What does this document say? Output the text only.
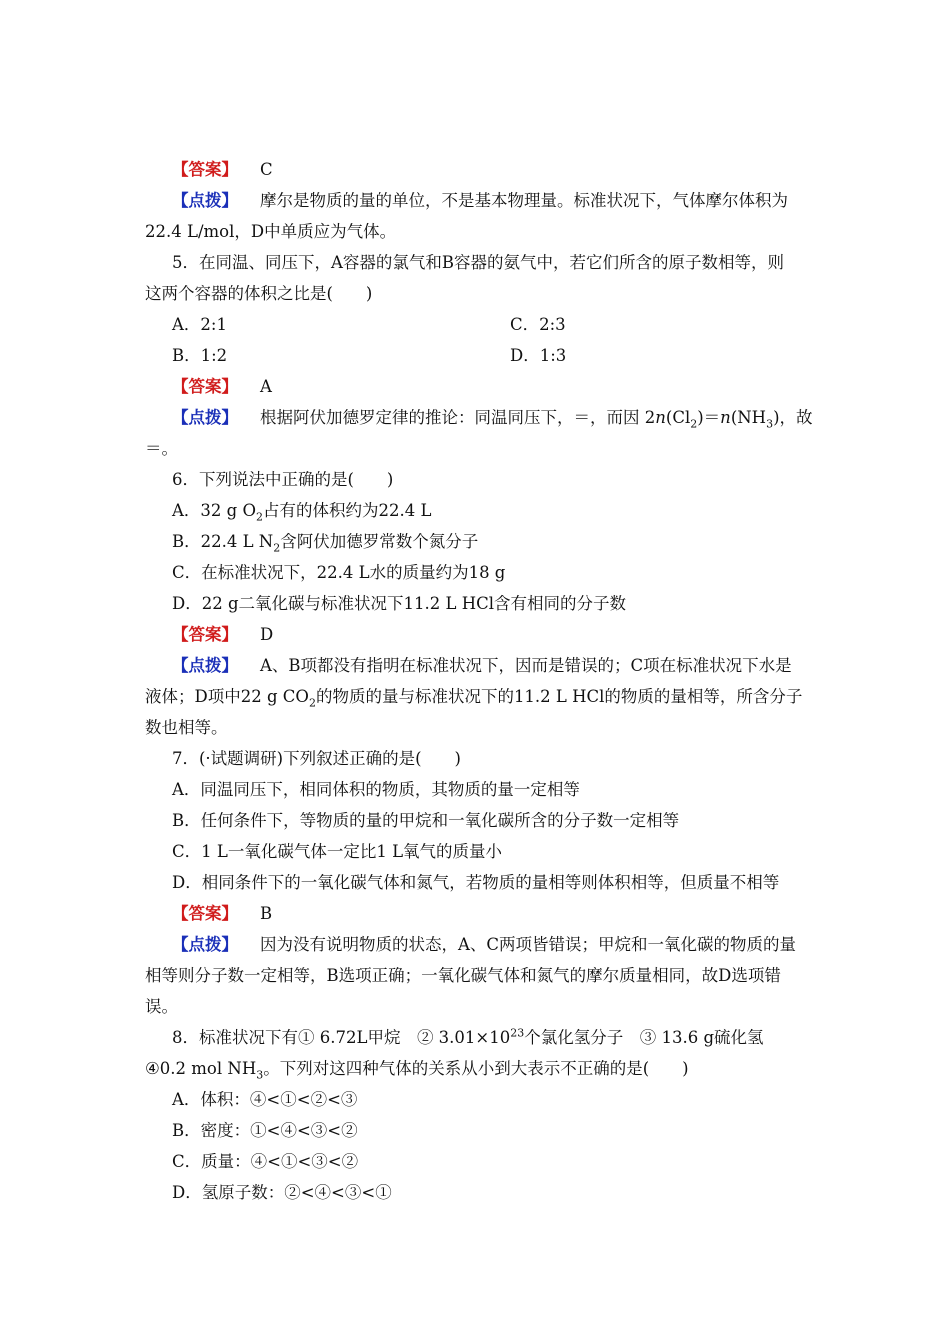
【答案】 C
【点拨】 摩尔是物质的量的单位，不是基本物理量。标准状况下，气体摩尔体积为
22.4 L/mol，D中单质应为气体。
5．在同温、同压下，A容器的氯气和B容器的氨气中，若它们所含的原子数相等，则
这两个容器的体积之比是(　　)
A．2:1	C．2:3
B．1:2	D．1:3
【答案】 A
【点拨】 根据阿伏加德罗定律的推论：同温同压下，＝，而因 $2n(Cl_2)=n(NH_3)$，故
＝。
6．下列说法中正确的是(　　)
A．32 g $O_2$占有的体积约为22.4 L
B．22.4 L $N_2$含阿伏加德罗常数个氮分子
C．在标准状况下，22.4 L水的质量约为18 g
D．22 g二氧化碳与标准状况下11.2 L HCl含有相同的分子数
【答案】 D
【点拨】 A、B项都没有指明在标准状况下，因而是错误的；C项在标准状况下水是
液体；D项中22 g $CO_2$的物质的量与标准状况下的11.2 L HCl的物质的量相等，所含分子
数也相等。
7．(·试题调研)下列叙述正确的是(　　)
A．同温同压下，相同体积的物质，其物质的量一定相等
B．任何条件下，等物质的量的甲烷和一氧化碳所含的分子数一定相等
C．1 L一氧化碳气体一定比1 L氧气的质量小
D．相同条件下的一氧化碳气体和氮气，若物质的量相等则体积相等，但质量不相等
【答案】 B
【点拨】 因为没有说明物质的状态，A、C两项皆错误；甲烷和一氧化碳的物质的量
相等则分子数一定相等，B选项正确；一氧化碳气体和氮气的摩尔质量相同，故D选项错
误。
8．标准状况下有① 6.72L甲烷　② $3.01\times 10^{23}$个氯化氢分子　③ 13.6 g硫化氢
④0.2 mol $NH_3$。下列对这四种气体的关系从小到大表示不正确的是(　　)
A．体积：④<①<②<③
B．密度：①<④<③<②
C．质量：④<①<③<②
D．氢原子数：②<④<③<①
